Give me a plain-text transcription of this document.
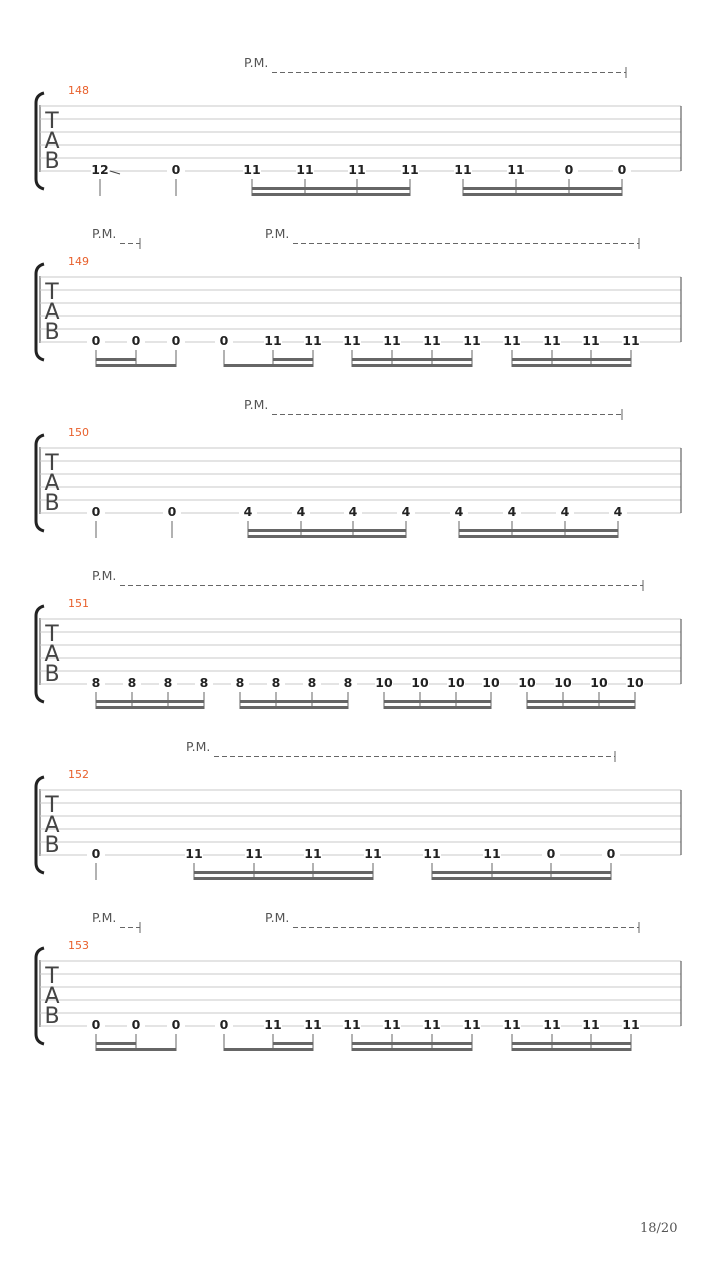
P.M.
148
T
A
B	12	0	11	11	11	11	11	11	0	0
P.M.	P.M.
149
T
A
B	0	0	0	0	11 11 11 11 11 11 11 11 11 11
P.M.
150
T
A
B	0	0	4	4	4	4	4	4	4	4
P.M.
151
T
A
B	8 8 8 8 8 8 8 8 10 10 10 10 10 10 10 10
P.M.
152
T
A
B	0	11	11	11	11	11	11	0	0
P.M.	P.M.
153
T
A
B	0	0	0	0	11 11 11 11 11 11 11 11 11 11
18/20
